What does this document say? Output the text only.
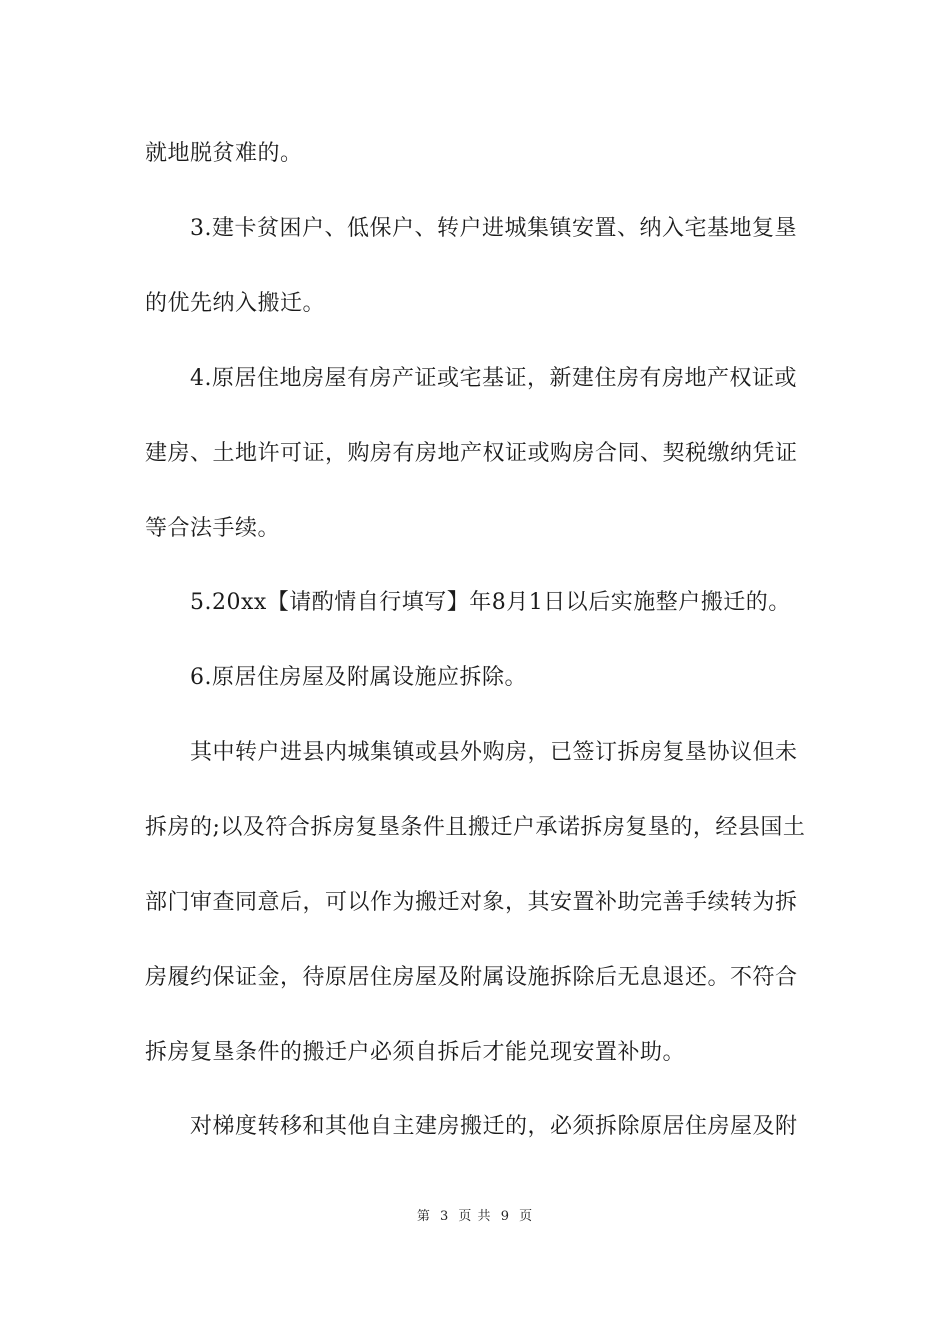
就地脱贫难的。
3.建卡贫困户、低保户、转户进城集镇安置、纳入宅基地复垦
的优先纳入搬迁。
4.原居住地房屋有房产证或宅基证，新建住房有房地产权证或
建房、土地许可证，购房有房地产权证或购房合同、契税缴纳凭证
等合法手续。
5.20xx【请酌情自行填写】年8月1日以后实施整户搬迁的。
6.原居住房屋及附属设施应拆除。
其中转户进县内城集镇或县外购房，已签订拆房复垦协议但未
拆房的;以及符合拆房复垦条件且搬迁户承诺拆房复垦的，经县国土
部门审查同意后，可以作为搬迁对象，其安置补助完善手续转为拆
房履约保证金，待原居住房屋及附属设施拆除后无息退还。不符合
拆房复垦条件的搬迁户必须自拆后才能兑现安置补助。
对梯度转移和其他自主建房搬迁的，必须拆除原居住房屋及附
第 3 页 共 9 页
